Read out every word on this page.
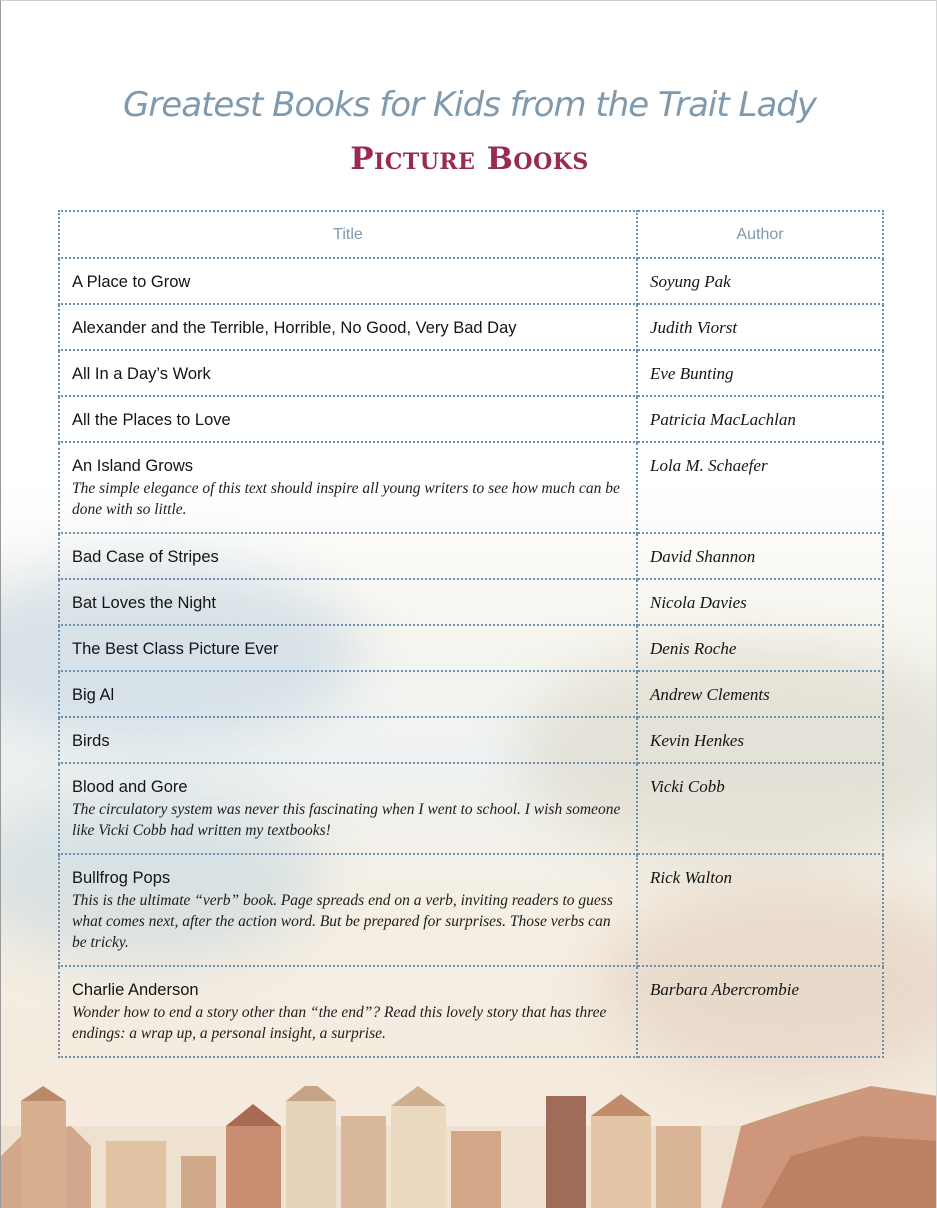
Greatest Books for Kids from the Trait Lady
Picture Books
Title	Author

A Place to Grow	Soyung Pak

Alexander and the Terrible, Horrible, No Good, Very Bad Day	Judith Viorst

All In a Day’s Work	Eve Bunting

All the Places to Love	Patricia MacLachlan

An Island Grows
The simple elegance of this text should inspire all young writers to see how much can be done with so little.	Lola M. Schaefer

Bad Case of Stripes	David Shannon

Bat Loves the Night	Nicola Davies

The Best Class Picture Ever	Denis Roche

Big Al	Andrew Clements

Birds	Kevin Henkes

Blood and Gore
The circulatory system was never this fascinating when I went to school. I wish someone like Vicki Cobb had written my textbooks!	Vicki Cobb

Bullfrog Pops
This is the ultimate “verb” book. Page spreads end on a verb, inviting readers to guess what comes next, after the action word. But be prepared for surprises. Those verbs can be tricky.	Rick Walton

Charlie Anderson
Wonder how to end a story other than “the end”? Read this lovely story that has three endings: a wrap up, a personal insight, a surprise.	Barbara Abercrombie
